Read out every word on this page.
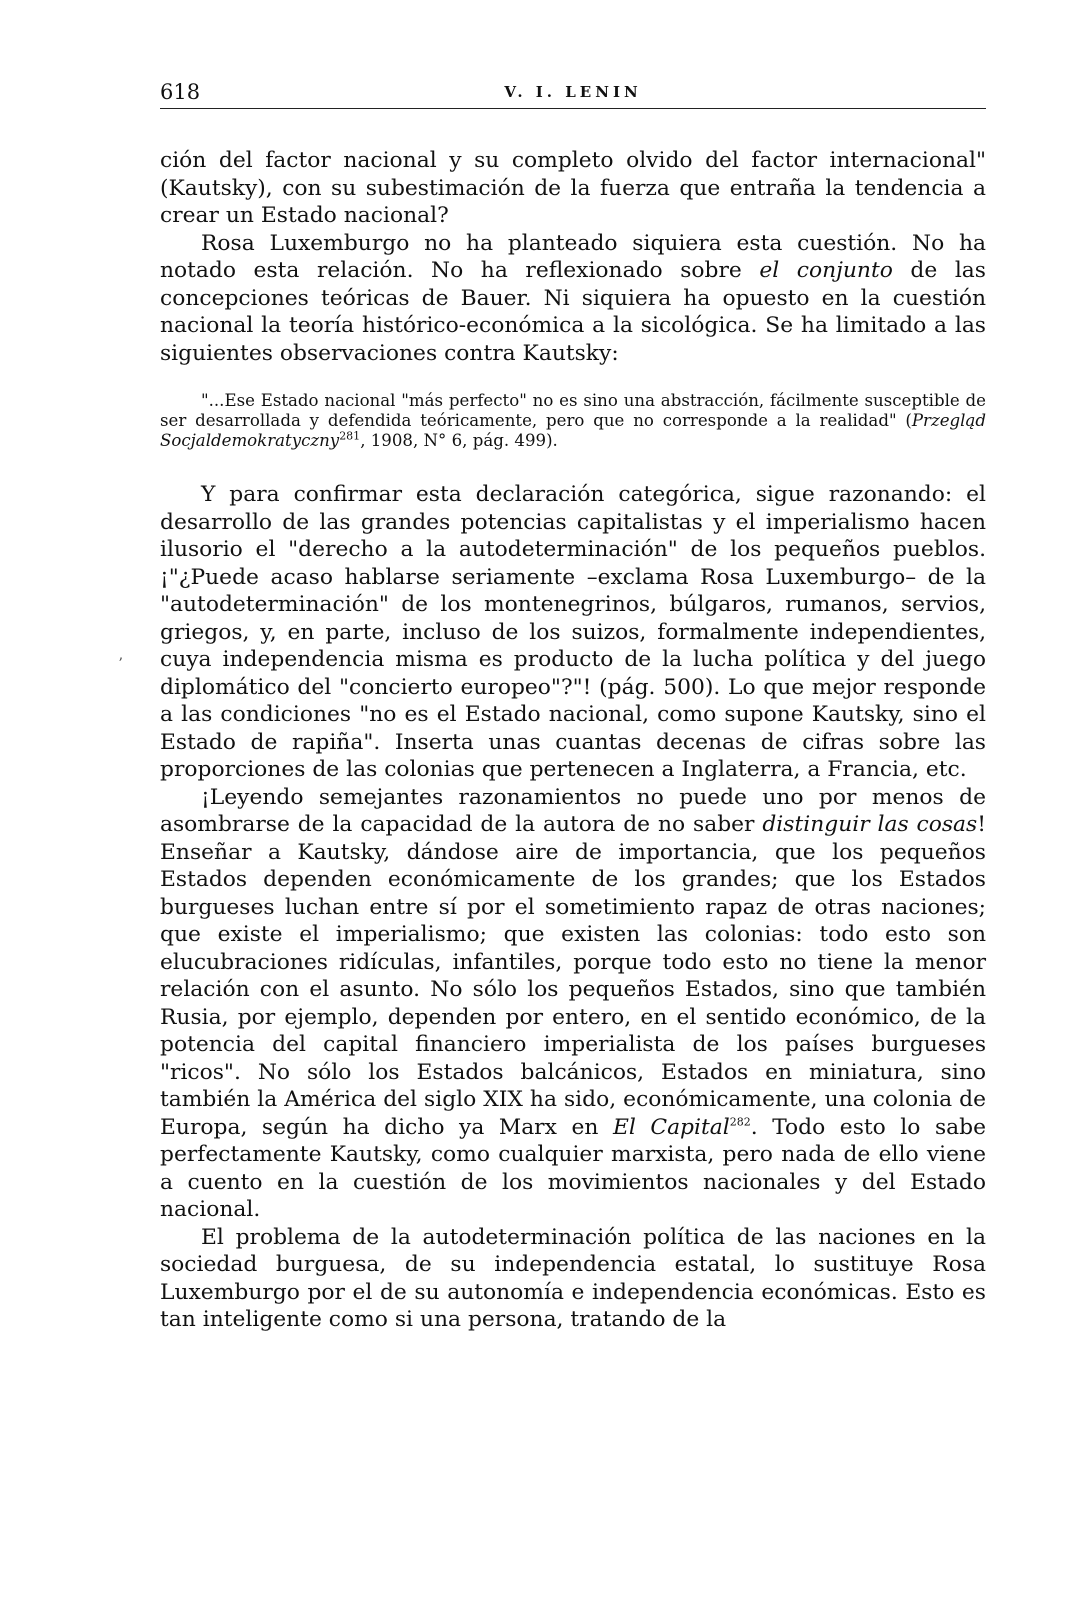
618	V. I. LENIN

ción del factor nacional y su completo olvido del factor internacional" (Kautsky), con su subestimación de la fuerza que entraña la tendencia a crear un Estado nacional?

Rosa Luxemburgo no ha planteado siquiera esta cuestión. No ha notado esta relación. No ha reflexionado sobre el conjunto de las concepciones teóricas de Bauer. Ni siquiera ha opuesto en la cuestión nacional la teoría histórico-económica a la sicológica. Se ha limitado a las siguientes observaciones contra Kautsky:

"...Ese Estado nacional "más perfecto" no es sino una abstracción, fácilmente susceptible de ser desarrollada y defendida teóricamente, pero que no corresponde a la realidad" (Przegląd Socjaldemokratyczny$^{281}$, 1908, N° 6, pág. 499).

Y para confirmar esta declaración categórica, sigue razonando: el desarrollo de las grandes potencias capitalistas y el imperialismo hacen ilusorio el "derecho a la autodeterminación" de los pequeños pueblos. ¡"¿Puede acaso hablarse seriamente –exclama Rosa Luxemburgo– de la "autodeterminación" de los montenegrinos, búlgaros, rumanos, servios, griegos, y, en parte, incluso de los suizos, formalmente independientes, cuya independencia misma es producto de la lucha política y del juego diplomático del "concierto europeo"?"! (pág. 500). Lo que mejor responde a las condiciones "no es el Estado nacional, como supone Kautsky, sino el Estado de rapiña". Inserta unas cuantas decenas de cifras sobre las proporciones de las colonias que pertenecen a Inglaterra, a Francia, etc.

¡Leyendo semejantes razonamientos no puede uno por menos de asombrarse de la capacidad de la autora de no saber distinguir las cosas! Enseñar a Kautsky, dándose aire de importancia, que los pequeños Estados dependen económicamente de los grandes; que los Estados burgueses luchan entre sí por el sometimiento rapaz de otras naciones; que existe el imperialismo; que existen las colonias: todo esto son elucubraciones ridículas, infantiles, porque todo esto no tiene la menor relación con el asunto. No sólo los pequeños Estados, sino que también Rusia, por ejemplo, dependen por entero, en el sentido económico, de la potencia del capital financiero imperialista de los países burgueses "ricos". No sólo los Estados balcánicos, Estados en miniatura, sino también la América del siglo XIX ha sido, económicamente, una colonia de Europa, según ha dicho ya Marx en El Capital$^{282}$. Todo esto lo sabe perfectamente Kautsky, como cualquier marxista, pero nada de ello viene a cuento en la cuestión de los movimientos nacionales y del Estado nacional.

El problema de la autodeterminación política de las naciones en la sociedad burguesa, de su independencia estatal, lo sustituye Rosa Luxemburgo por el de su autonomía e independencia económicas. Esto es tan inteligente como si una persona, tratando de la

ʼ
